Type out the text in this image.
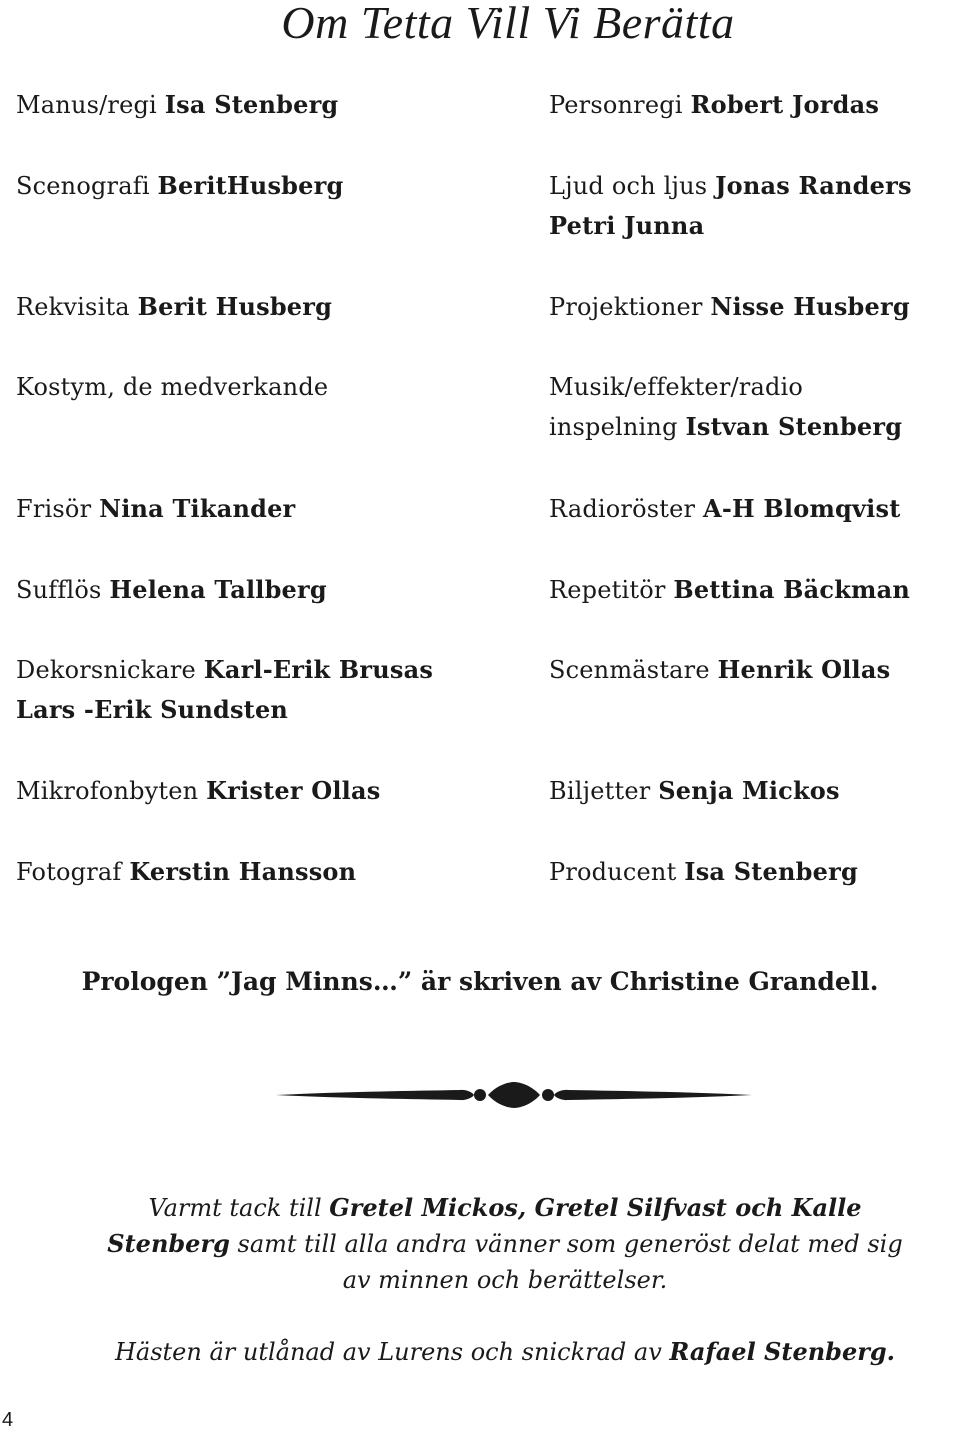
Om Tetta Vill Vi Berätta
Manus/regi Isa Stenberg
Scenografi BeritHusberg
Rekvisita Berit Husberg
Kostym, de medverkande
Frisör Nina Tikander
Sufflös Helena Tallberg
Dekorsnickare Karl-Erik Brusas
Lars -Erik Sundsten
Mikrofonbyten Krister Ollas
Fotograf Kerstin Hansson
Personregi Robert Jordas
Ljud och ljus Jonas Randers
Petri Junna
Projektioner Nisse Husberg
Musik/effekter/radio
inspelning Istvan Stenberg
Radioröster A-H Blomqvist
Repetitör Bettina Bäckman
Scenmästare Henrik Ollas
Biljetter Senja Mickos
Producent Isa Stenberg
Prologen ”Jag Minns…” är skriven av Christine Grandell.
Varmt tack till Gretel Mickos, Gretel Silfvast och Kalle
Stenberg samt till alla andra vänner som generöst delat med sig
av minnen och berättelser.
Hästen är utlånad av Lurens och snickrad av Rafael Stenberg.
4
